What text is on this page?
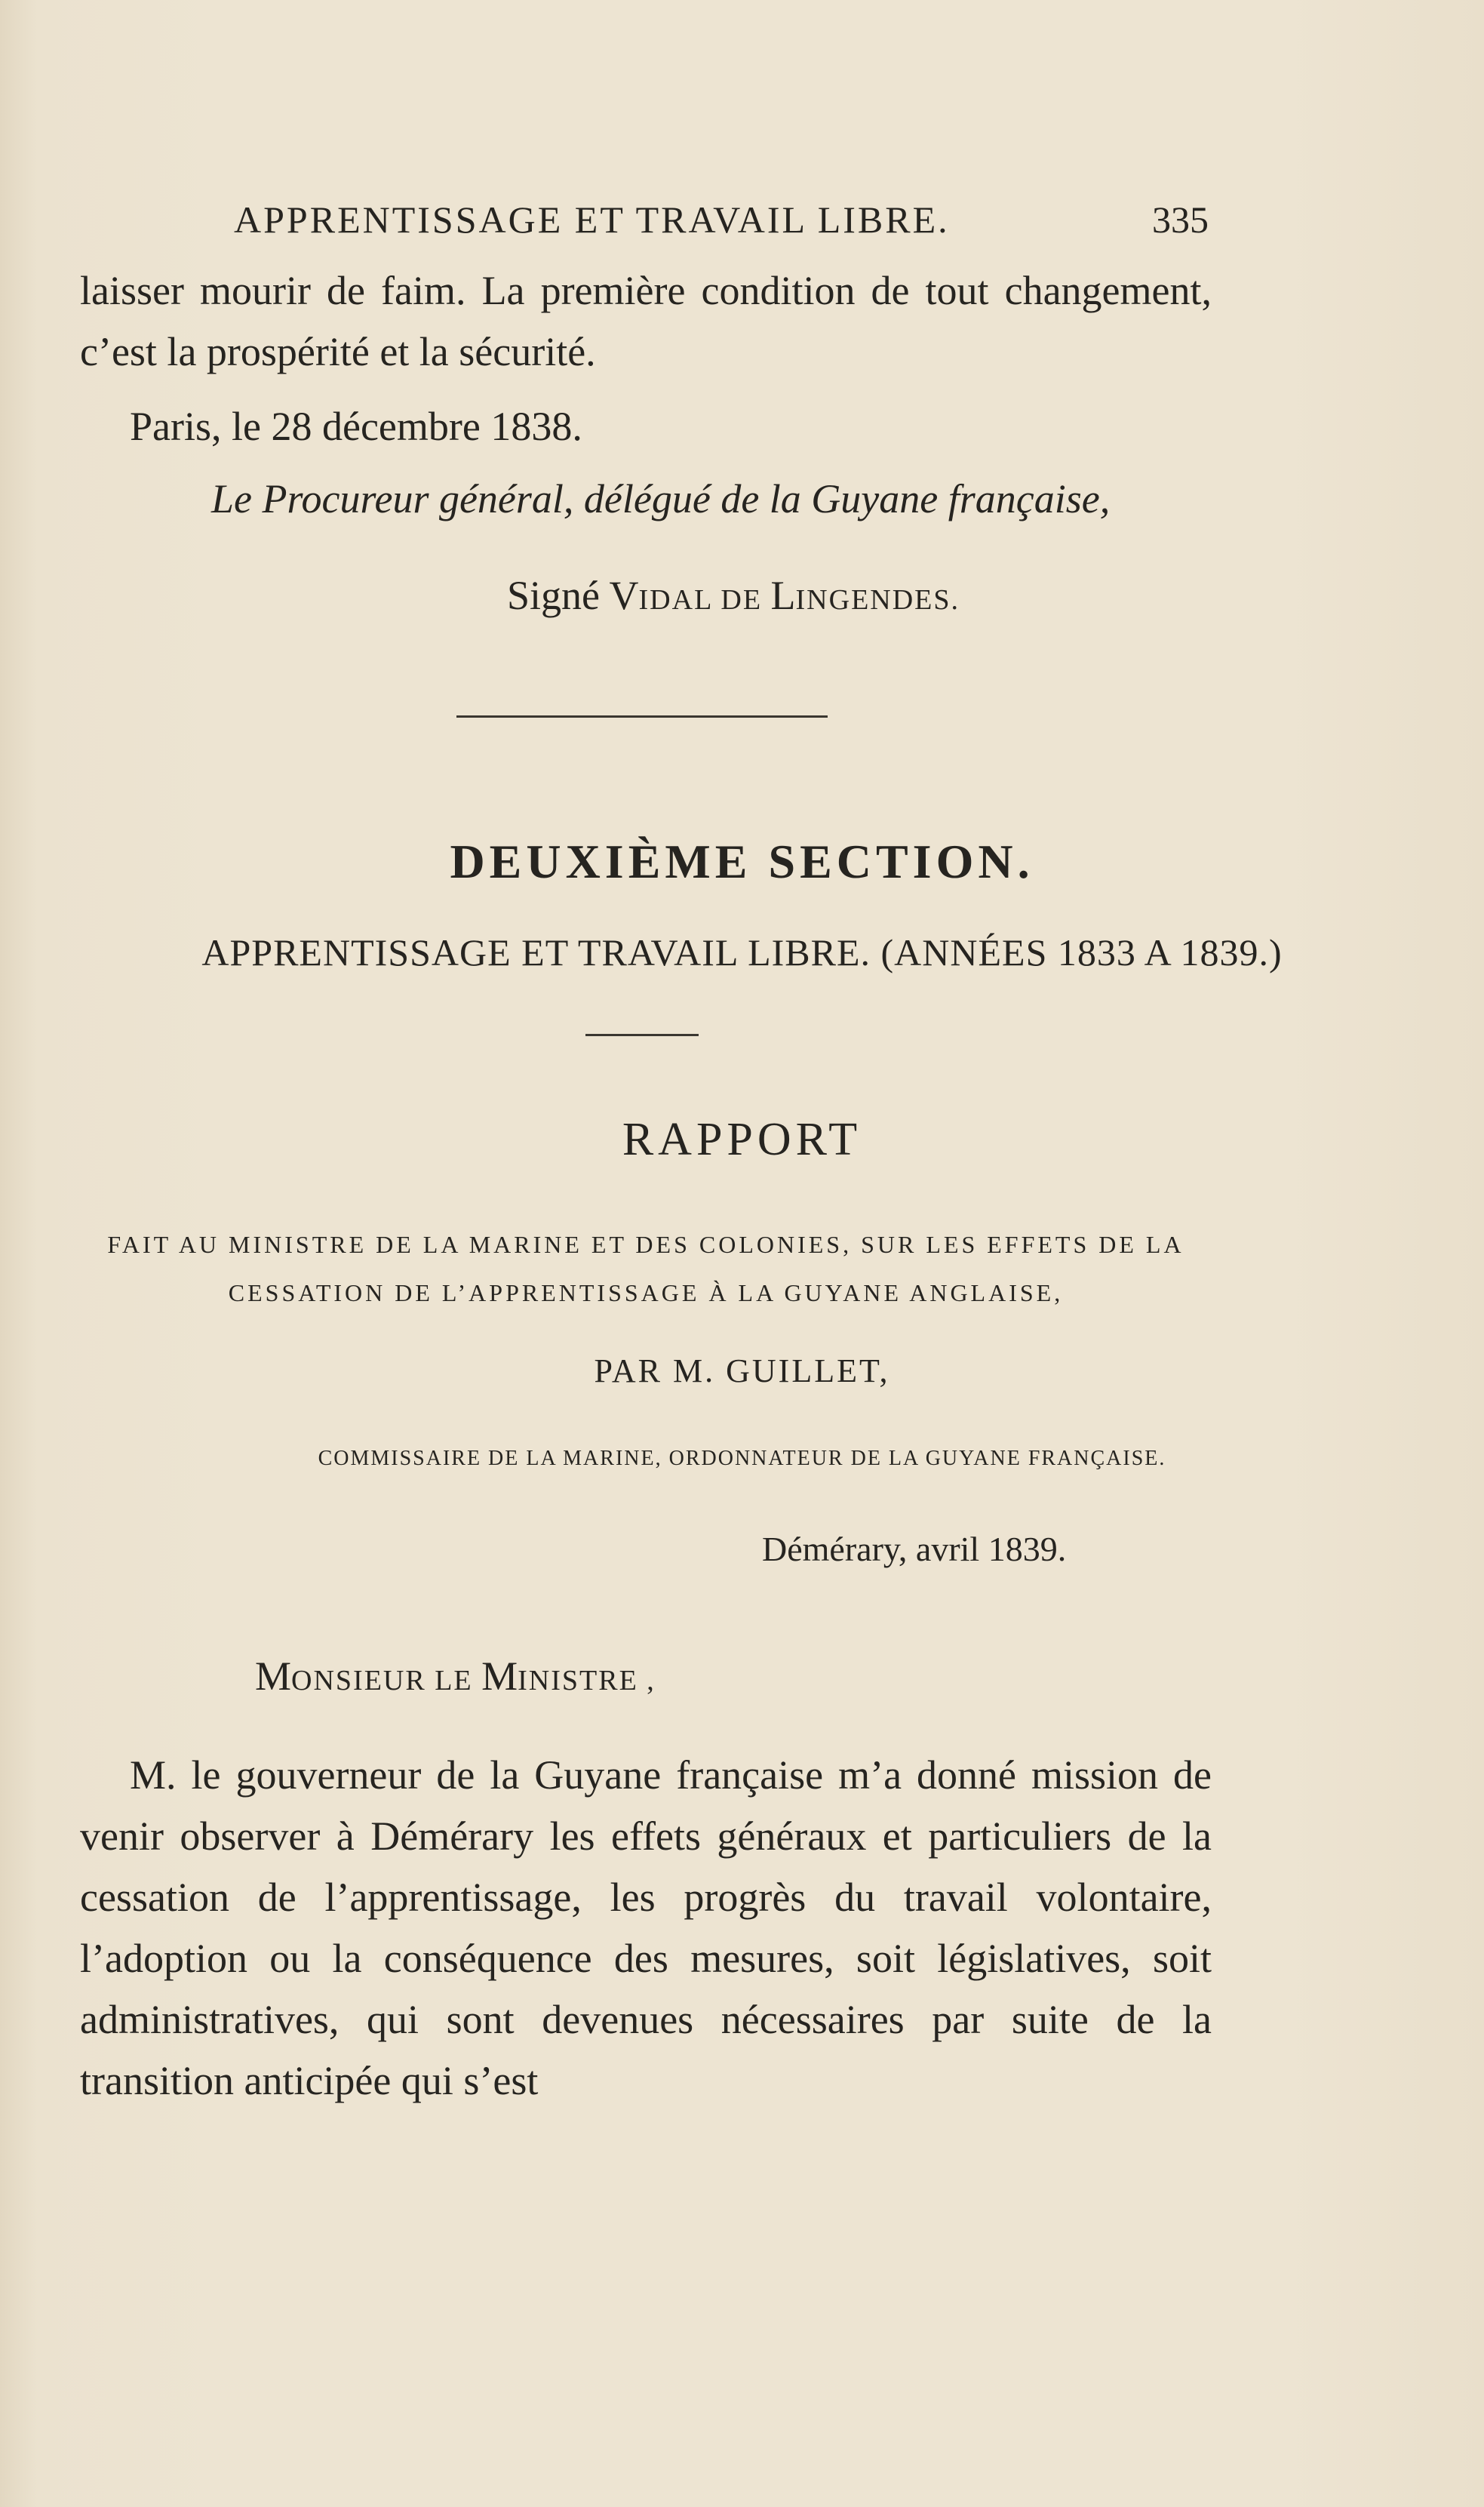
APPRENTISSAGE ET TRAVAIL LIBRE.	335

laisser mourir de faim. La première condition de tout changement, c’est la prospérité et la sécurité.

Paris, le 28 décembre 1838.

Le Procureur général, délégué de la Guyane française,
Signé VIDAL DE LINGENDES.
DEUXIÈME SECTION.
APPRENTISSAGE ET TRAVAIL LIBRE. (ANNÉES 1833 A 1839.)
RAPPORT
FAIT AU MINISTRE DE LA MARINE ET DES COLONIES, SUR LES EFFETS DE LA CESSATION DE L’APPRENTISSAGE À LA GUYANE ANGLAISE,
PAR M. GUILLET,
COMMISSAIRE DE LA MARINE, ORDONNATEUR DE LA GUYANE FRANÇAISE.
Démérary, avril 1839.
MONSIEUR LE MINISTRE ,

M. le gouverneur de la Guyane française m’a donné mission de venir observer à Démérary les effets généraux et particuliers de la cessation de l’apprentissage, les progrès du travail volontaire, l’adoption ou la conséquence des mesures, soit législatives, soit administratives, qui sont devenues nécessaires par suite de la transition anticipée qui s’est
